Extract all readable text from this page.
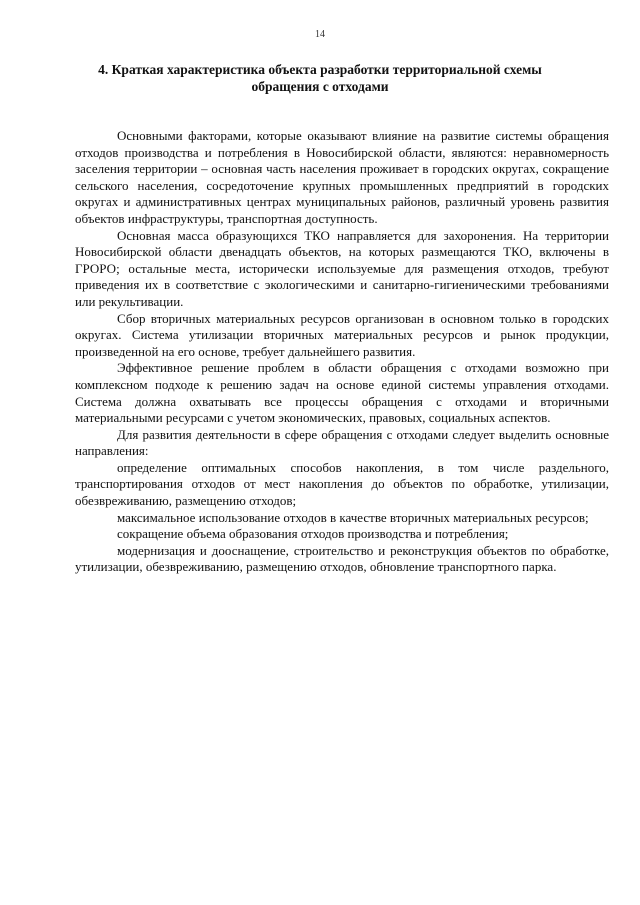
14
4. Краткая характеристика объекта разработки территориальной схемы
обращения с отходами

Основными факторами, которые оказывают влияние на развитие системы обращения отходов производства и потребления в Новосибирской области, являются: неравномерность заселения территории – основная часть населения проживает в городских округах, сокращение сельского населения, сосредоточение крупных промышленных предприятий в городских округах и административных центрах муниципальных районов, различный уровень развития объектов инфраструктуры, транспортная доступность.

Основная масса образующихся ТКО направляется для захоронения. На территории Новосибирской области двенадцать объектов, на которых размещаются ТКО, включены в ГРОРО; остальные места, исторически используемые для размещения отходов, требуют приведения их в соответствие с экологическими и санитарно-гигиеническими требованиями или рекультивации.

Сбор вторичных материальных ресурсов организован в основном только в городских округах. Система утилизации вторичных материальных ресурсов и рынок продукции, произведенной на его основе, требует дальнейшего развития.

Эффективное решение проблем в области обращения с отходами возможно при комплексном подходе к решению задач на основе единой системы управления отходами. Система должна охватывать все процессы обращения с отходами и вторичными материальными ресурсами с учетом экономических, правовых, социальных аспектов.

Для развития деятельности в сфере обращения с отходами следует выделить основные направления:

определение оптимальных способов накопления, в том числе раздельного, транспортирования отходов от мест накопления до объектов по обработке, утилизации, обезвреживанию, размещению отходов;

максимальное использование отходов в качестве вторичных материальных ресурсов;

сокращение объема образования отходов производства и потребления;

модернизация и дооснащение, строительство и реконструкция объектов по обработке, утилизации, обезвреживанию, размещению отходов, обновление транспортного парка.
